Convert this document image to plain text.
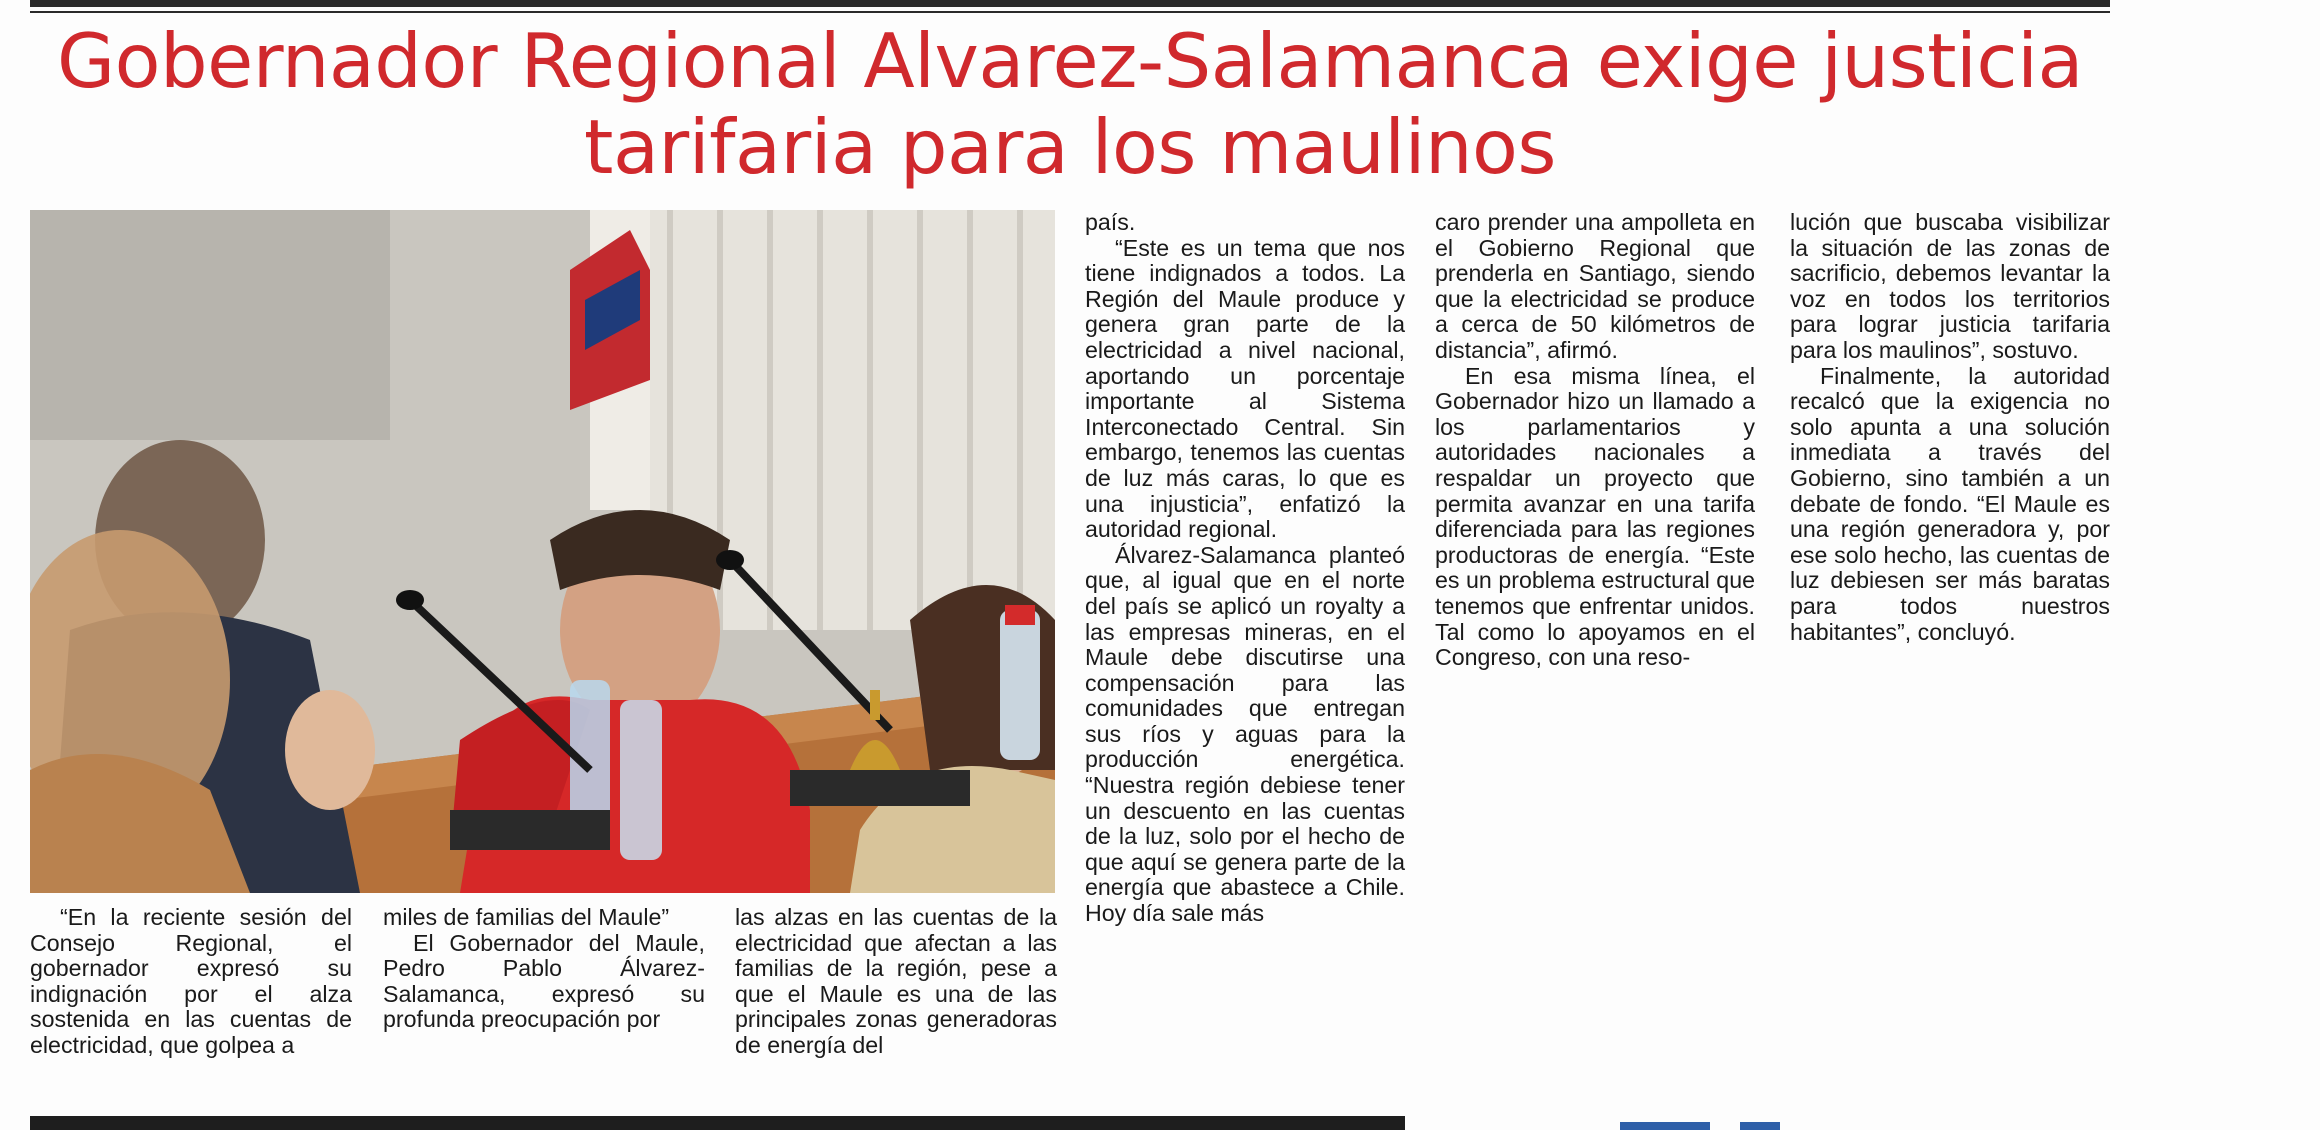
Gobernador Regional Alvarez-Salamanca exige justicia
tarifaria para los maulinos

“En la reciente sesión del Consejo Regional, el gobernador expresó su indignación por el alza sostenida en las cuentas de electricidad, que golpea a

miles de familias del Maule”

El Gobernador del Maule, Pedro Pablo Álvarez-Salamanca, expresó su profunda preocupación por

las alzas en las cuentas de la electricidad que afectan a las familias de la región, pese a que el Maule es una de las principales zonas generadoras de energía del

país.

“Este es un tema que nos tiene indignados a todos. La Región del Maule produce y genera gran parte de la electricidad a nivel nacional, aportando un porcentaje importante al Sistema Interconectado Central. Sin embargo, tenemos las cuentas de luz más caras, lo que es una injusticia”, enfatizó la autoridad regional.

Álvarez-Salamanca planteó que, al igual que en el norte del país se aplicó un royalty a las empresas mineras, en el Maule debe discutirse una compensación para las comunidades que entregan sus ríos y aguas para la producción energética. “Nuestra región debiese tener un descuento en las cuentas de la luz, solo por el hecho de que aquí se genera parte de la energía que abastece a Chile. Hoy día sale más

caro prender una ampolleta en el Gobierno Regional que prenderla en Santiago, siendo que la electricidad se produce a cerca de 50 kilómetros de distancia”, afirmó.

En esa misma línea, el Gobernador hizo un llamado a los parlamentarios y autoridades nacionales a respaldar un proyecto que permita avanzar en una tarifa diferenciada para las regiones productoras de energía. “Este es un problema estructural que tenemos que enfrentar unidos. Tal como lo apoyamos en el Congreso, con una reso-

lución que buscaba visibilizar la situación de las zonas de sacrificio, debemos levantar la voz en todos los territorios para lograr justicia tarifaria para los maulinos”, sostuvo.

Finalmente, la autoridad recalcó que la exigencia no solo apunta a una solución inmediata a través del Gobierno, sino también a un debate de fondo. “El Maule es una región generadora y, por ese solo hecho, las cuentas de luz debiesen ser más baratas para todos nuestros habitantes”, concluyó.
